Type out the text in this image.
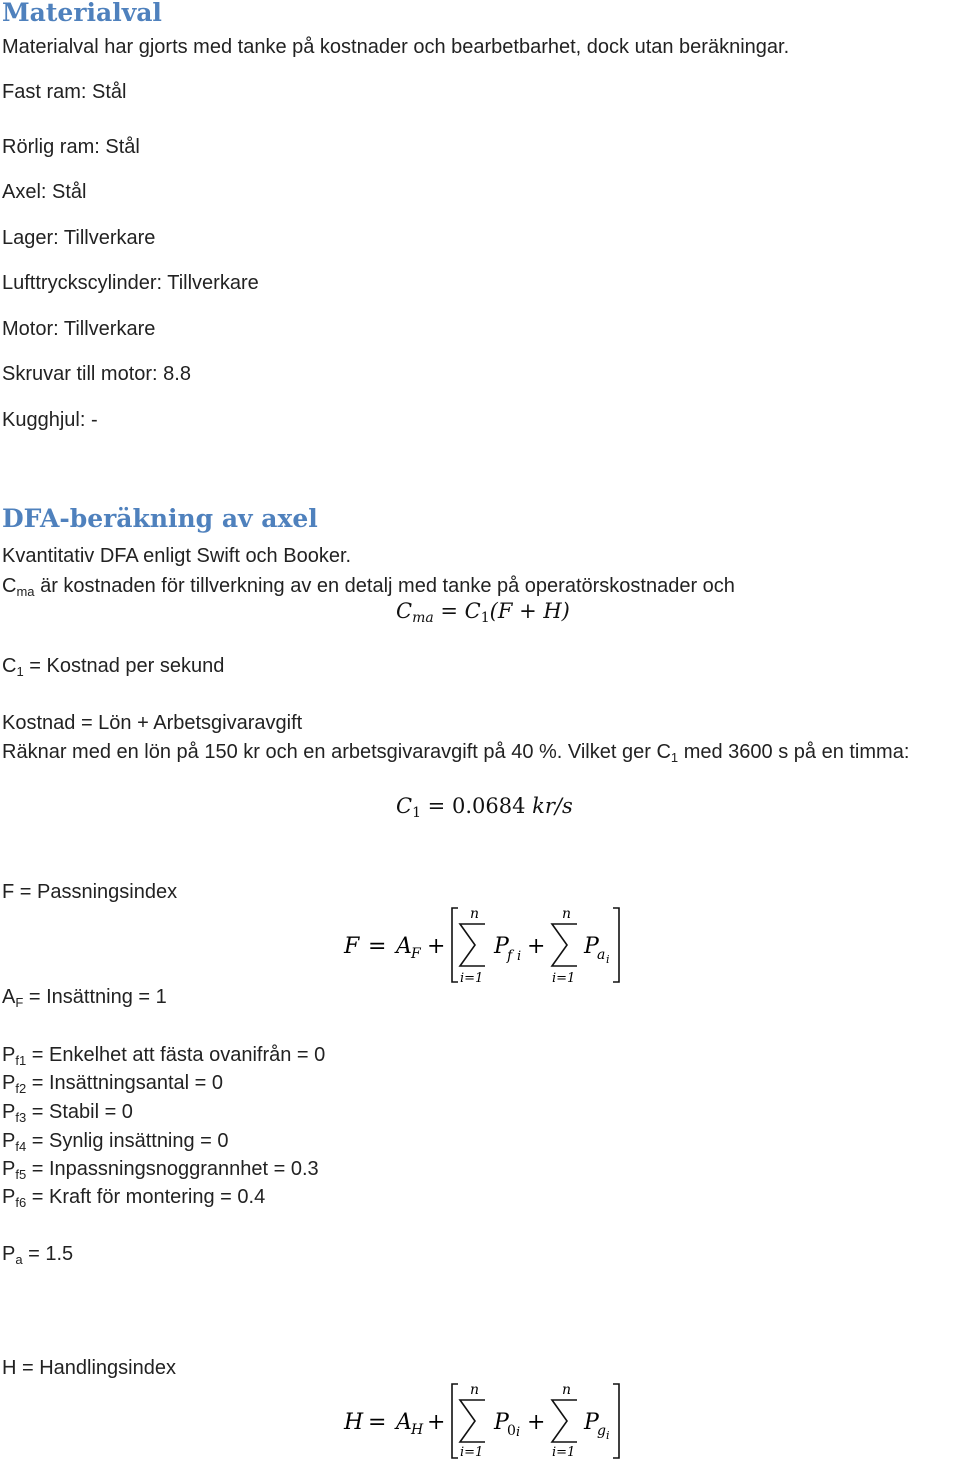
Materialval
Materialval har gjorts med tanke på kostnader och bearbetbarhet, dock utan beräkningar.
Fast ram: Stål
Rörlig ram: Stål
Axel: Stål
Lager: Tillverkare
Lufttryckscylinder: Tillverkare
Motor: Tillverkare
Skruvar till motor: 8.8
Kugghjul: -
DFA-beräkning av axel
Kvantitativ DFA enligt Swift och Booker.
$C_{ma}$ är kostnaden för tillverkning av en detalj med tanke på operatörskostnader och
$C_{ma} = C_1(F + H)$
$C_1$ = Kostnad per sekund
Kostnad = Lön + Arbetsgivaravgift
Räknar med en lön på 150 kr och en arbetsgivaravgift på 40 %. Vilket ger $C_1$ med 3600 s på en timma:
$C_1 = 0.0684$ kr/s
F = Passningsindex
F = A F +
n
i=1
P
f i +
n
i=1
P
a i
$A_F$ = Insättning = 1
$P_{f1}$ = Enkelhet att fästa ovanifrån = 0
$P_{f2}$ = Insättningsantal = 0
$P_{f3}$ = Stabil = 0
$P_{f4}$ = Synlig insättning = 0
$P_{f5}$ = Inpassningsnoggrannhet = 0.3
$P_{f6}$ = Kraft för montering = 0.4
$P_a = 1.5$
H = Handlingsindex
H = A H +
n
i=1
P
0 i +
n
i=1
P
g i
